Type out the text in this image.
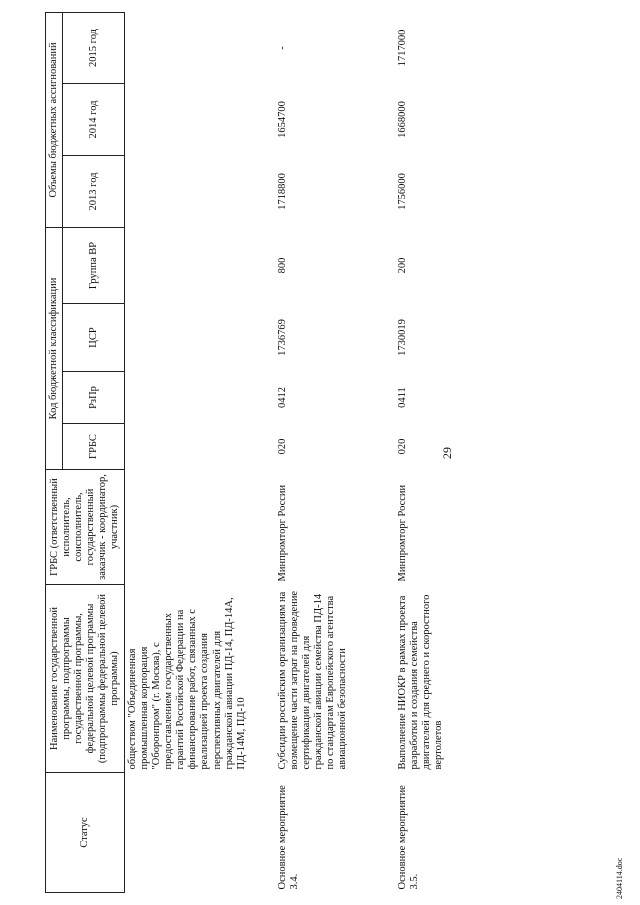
29
Статус	Наименование государственной программы, подпрограммы государственной программы, федеральной целевой программы (подпрограммы федеральной целевой программы)	ГРБС (ответственный исполнитель, соисполнитель, государственный заказчик - координатор, участник)	Код бюджетной классификации				Объемы бюджетных ассигнований		
			ГРБС	РзПр	ЦСР	Группа ВР	2013 год	2014 год	2015 год
	обществом "Объединенная промышленная корпорация "Оборонпром" (г. Москва), с предоставлением государственных гарантий Российской Федерации на финансирование работ, связанных с реализацией проекта создания перспективных двигателей для гражданской авиации ПД-14, ПД-14А, ПД-14М, ПД-10								
Основное мероприятие 3.4.	Субсидии российским организациям на возмещение части затрат на проведение сертификации двигателей для гражданской авиации семейства ПД-14 по стандартам Европейского агентства авиационной безопасности	Минпромторг России	020	0412	1736769	800	1718800	1654700	-
Основное мероприятие 3.5.	Выполнение НИОКР в рамках проекта разработки и создания семейства двигателей для среднего и скоростного вертолетов	Минпромторг России	020	0411	1730019	200	1756000	1668000	1717000
2404114.doc
